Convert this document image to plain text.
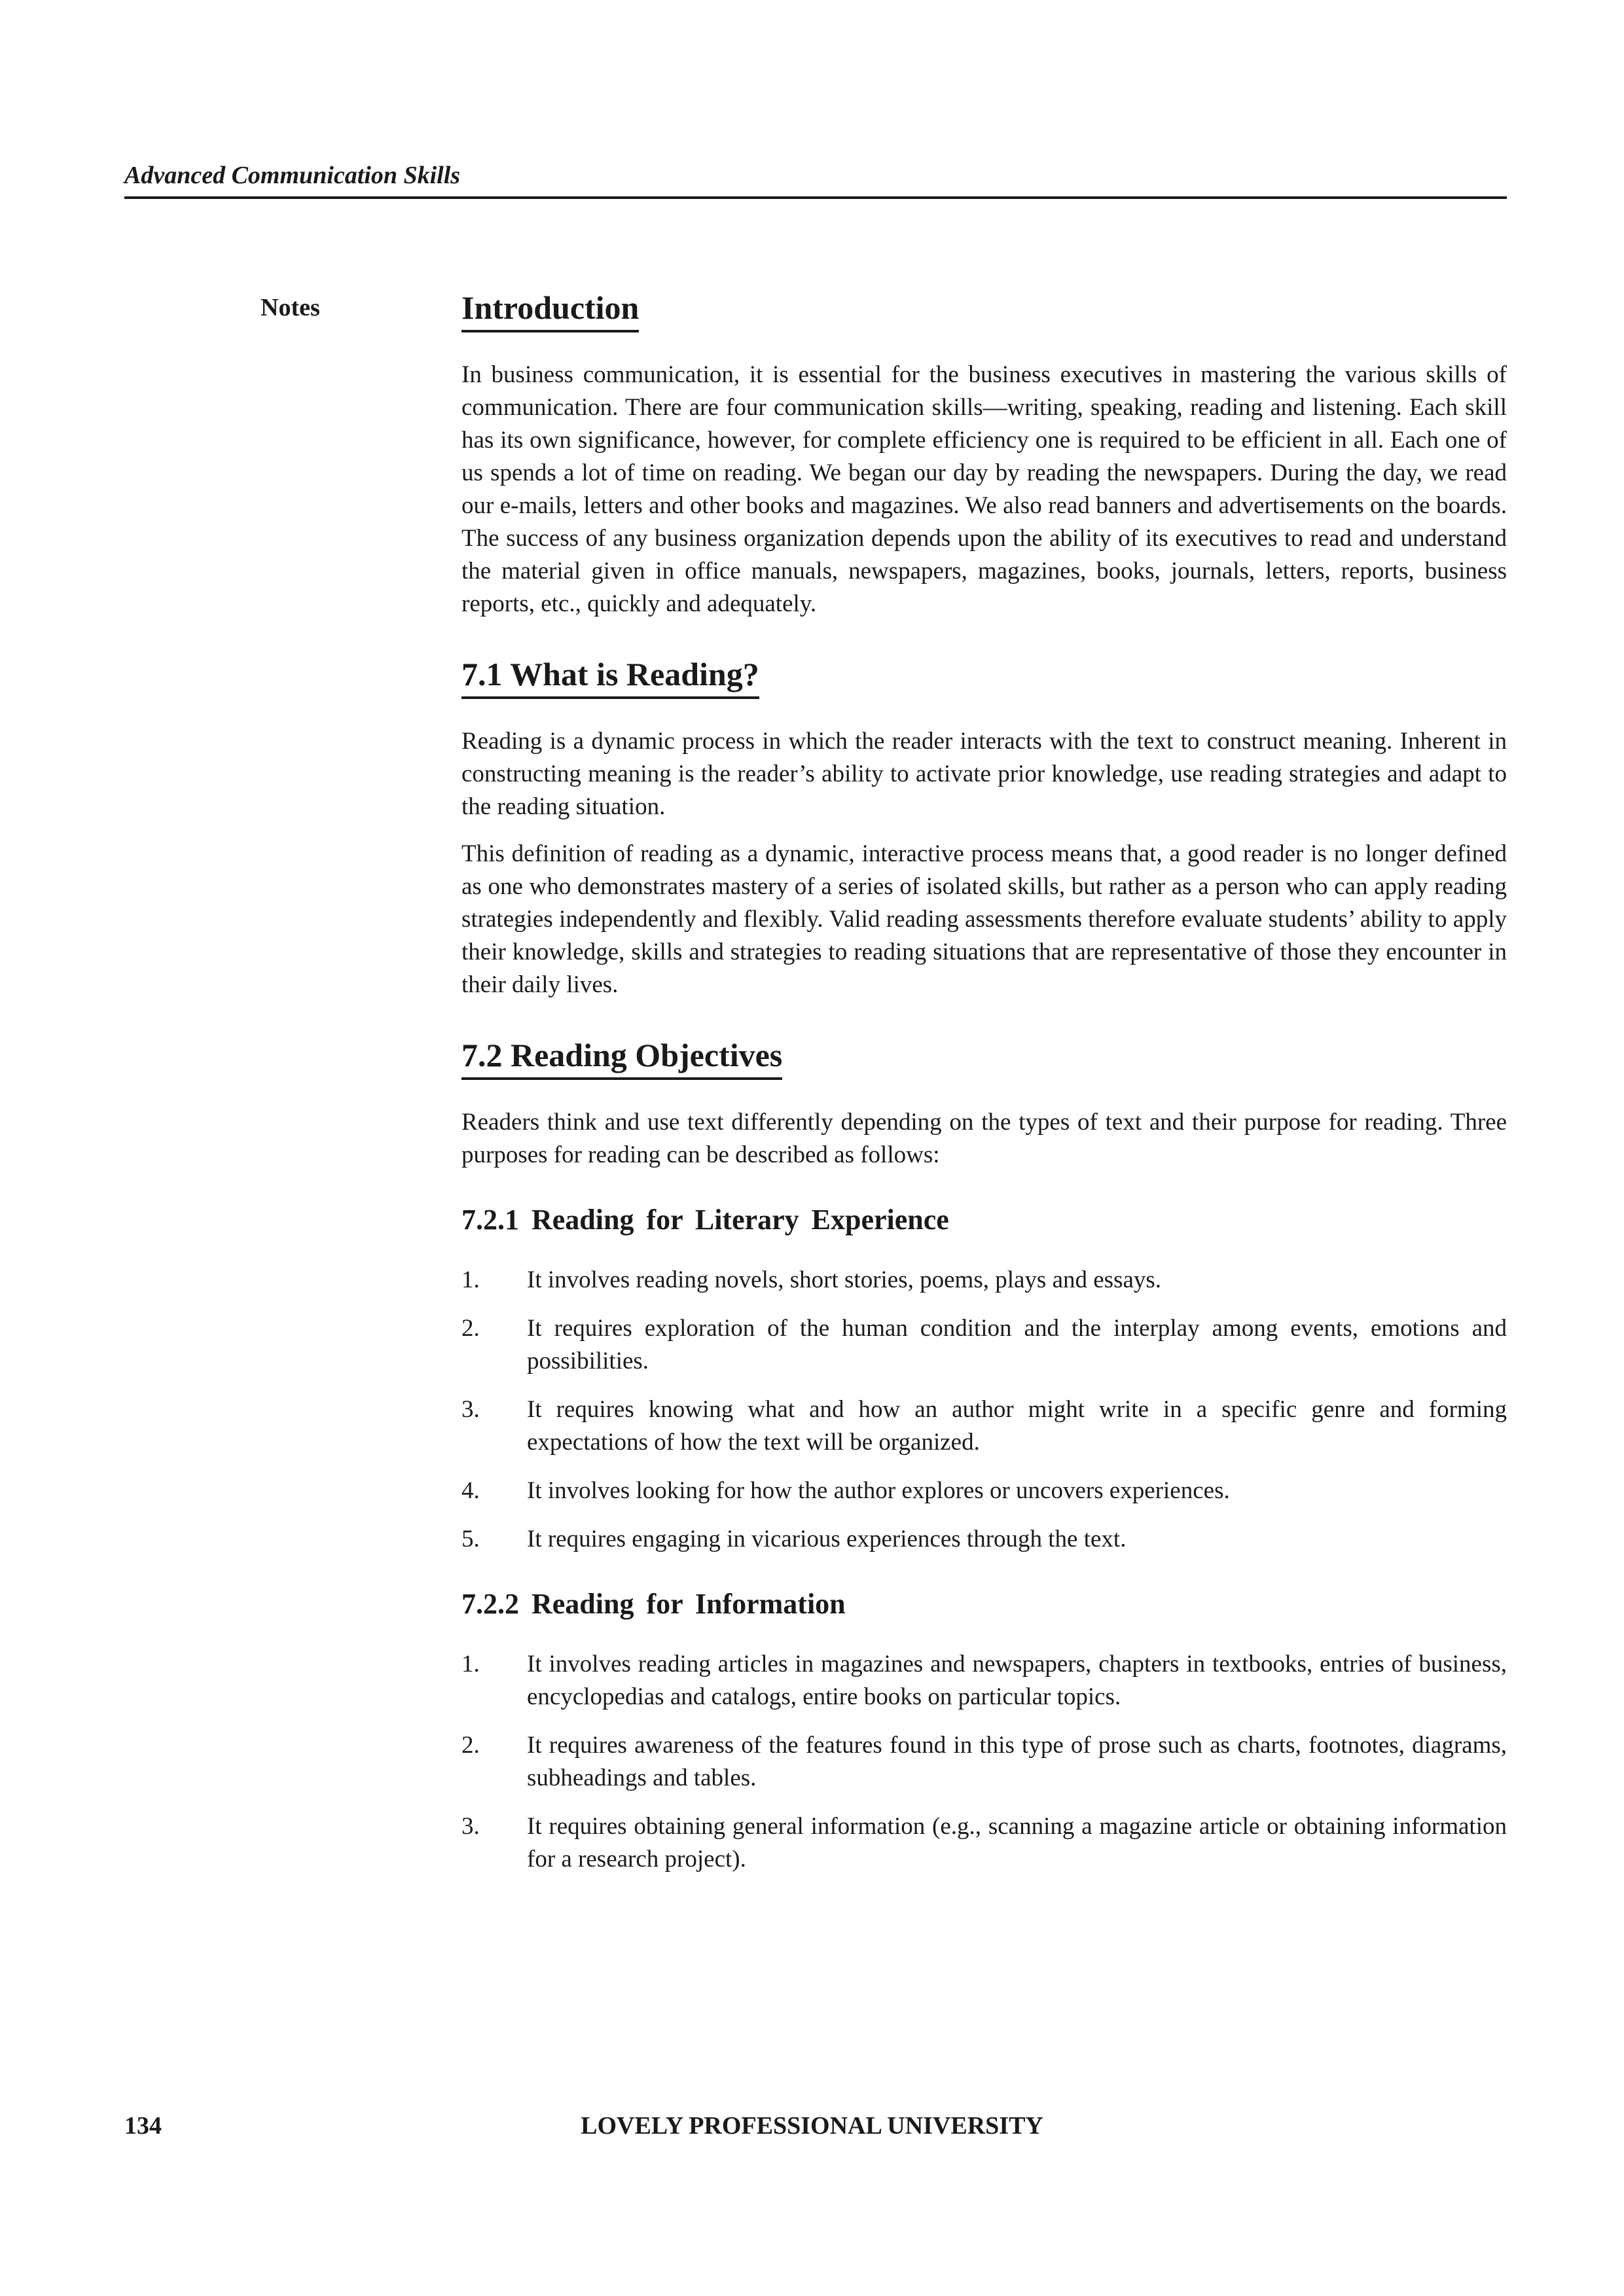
Advanced Communication Skills
Notes	Introduction

In business communication, it is essential for the business executives in mastering the various skills of communication. There are four communication skills—writing, speaking, reading and listening. Each skill has its own significance, however, for complete efficiency one is required to be efficient in all. Each one of us spends a lot of time on reading. We began our day by reading the newspapers. During the day, we read our e-mails, letters and other books and magazines. We also read banners and advertisements on the boards. The success of any business organization depends upon the ability of its executives to read and understand the material given in office manuals, newspapers, magazines, books, journals, letters, reports, business reports, etc., quickly and adequately.

7.1 What is Reading?

Reading is a dynamic process in which the reader interacts with the text to construct meaning. Inherent in constructing meaning is the reader’s ability to activate prior knowledge, use reading strategies and adapt to the reading situation.

This definition of reading as a dynamic, interactive process means that, a good reader is no longer defined as one who demonstrates mastery of a series of isolated skills, but rather as a person who can apply reading strategies independently and flexibly. Valid reading assessments therefore evaluate students’ ability to apply their knowledge, skills and strategies to reading situations that are representative of those they encounter in their daily lives.

7.2 Reading Objectives

Readers think and use text differently depending on the types of text and their purpose for reading. Three purposes for reading can be described as follows:

7.2.1 Reading for Literary Experience
1.	It involves reading novels, short stories, poems, plays and essays.
2.	It requires exploration of the human condition and the interplay among events, emotions and possibilities.
3.	It requires knowing what and how an author might write in a specific genre and forming expectations of how the text will be organized.
4.	It involves looking for how the author explores or uncovers experiences.
5.	It requires engaging in vicarious experiences through the text.
7.2.2 Reading for Information
1.	It involves reading articles in magazines and newspapers, chapters in textbooks, entries of business, encyclopedias and catalogs, entire books on particular topics.
2.	It requires awareness of the features found in this type of prose such as charts, footnotes, diagrams, subheadings and tables.
3.	It requires obtaining general information (e.g., scanning a magazine article or obtaining information for a research project).
LOVELY PROFESSIONAL UNIVERSITY
134
